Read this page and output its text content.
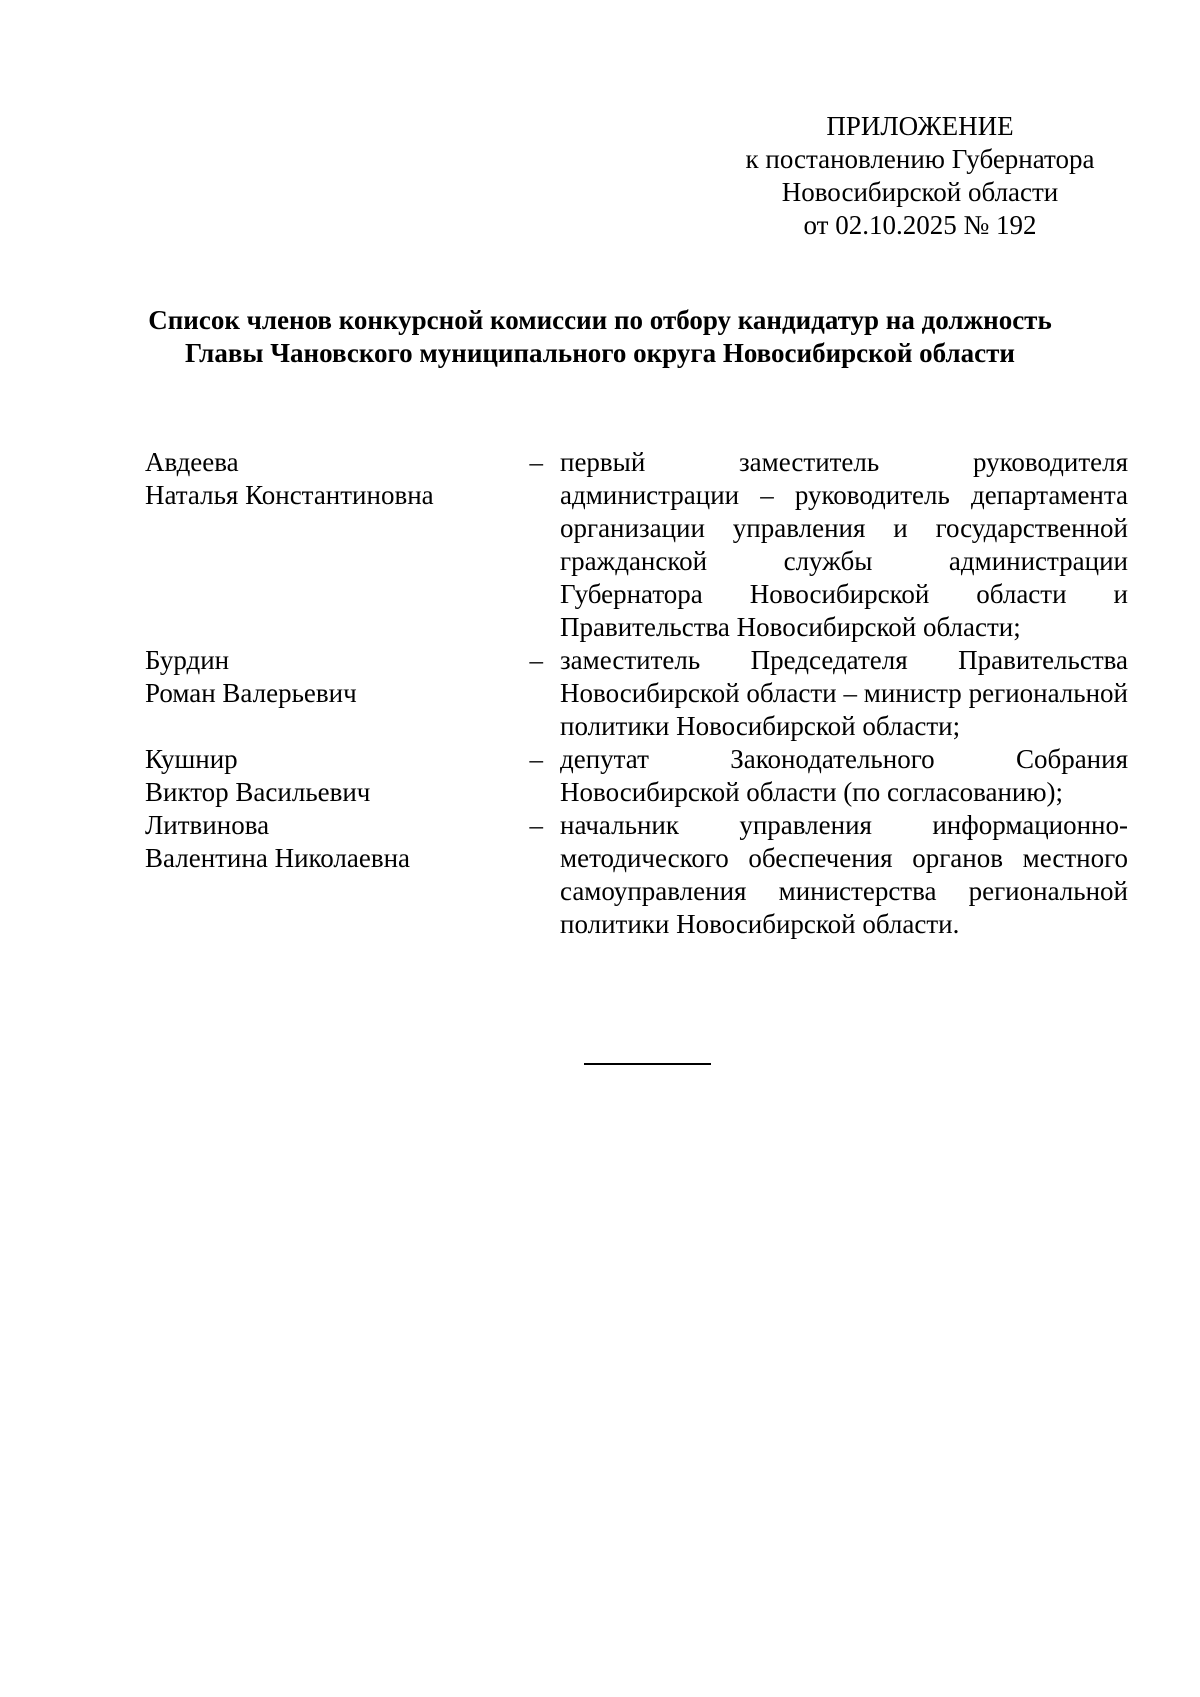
ПРИЛОЖЕНИЕ
к постановлению Губернатора
Новосибирской области
от 02.10.2025 № 192
Список членов конкурсной комиссии по отбору кандидатур на должность
Главы Чановского муниципального округа Новосибирской области
Авдеева
Наталья Константиновна
– первый заместитель руководителя администрации – руководитель департамента организации управления и государственной гражданской службы администрации Губернатора Новосибирской области и Правительства Новосибирской области;
Бурдин
Роман Валерьевич
– заместитель Председателя Правительства Новосибирской области – министр региональной политики Новосибирской области;
Кушнир
Виктор Васильевич
– депутат Законодательного Собрания Новосибирской области (по согласованию);
Литвинова
Валентина Николаевна
– начальник управления информационно-методического обеспечения органов местного самоуправления министерства региональной политики Новосибирской области.
